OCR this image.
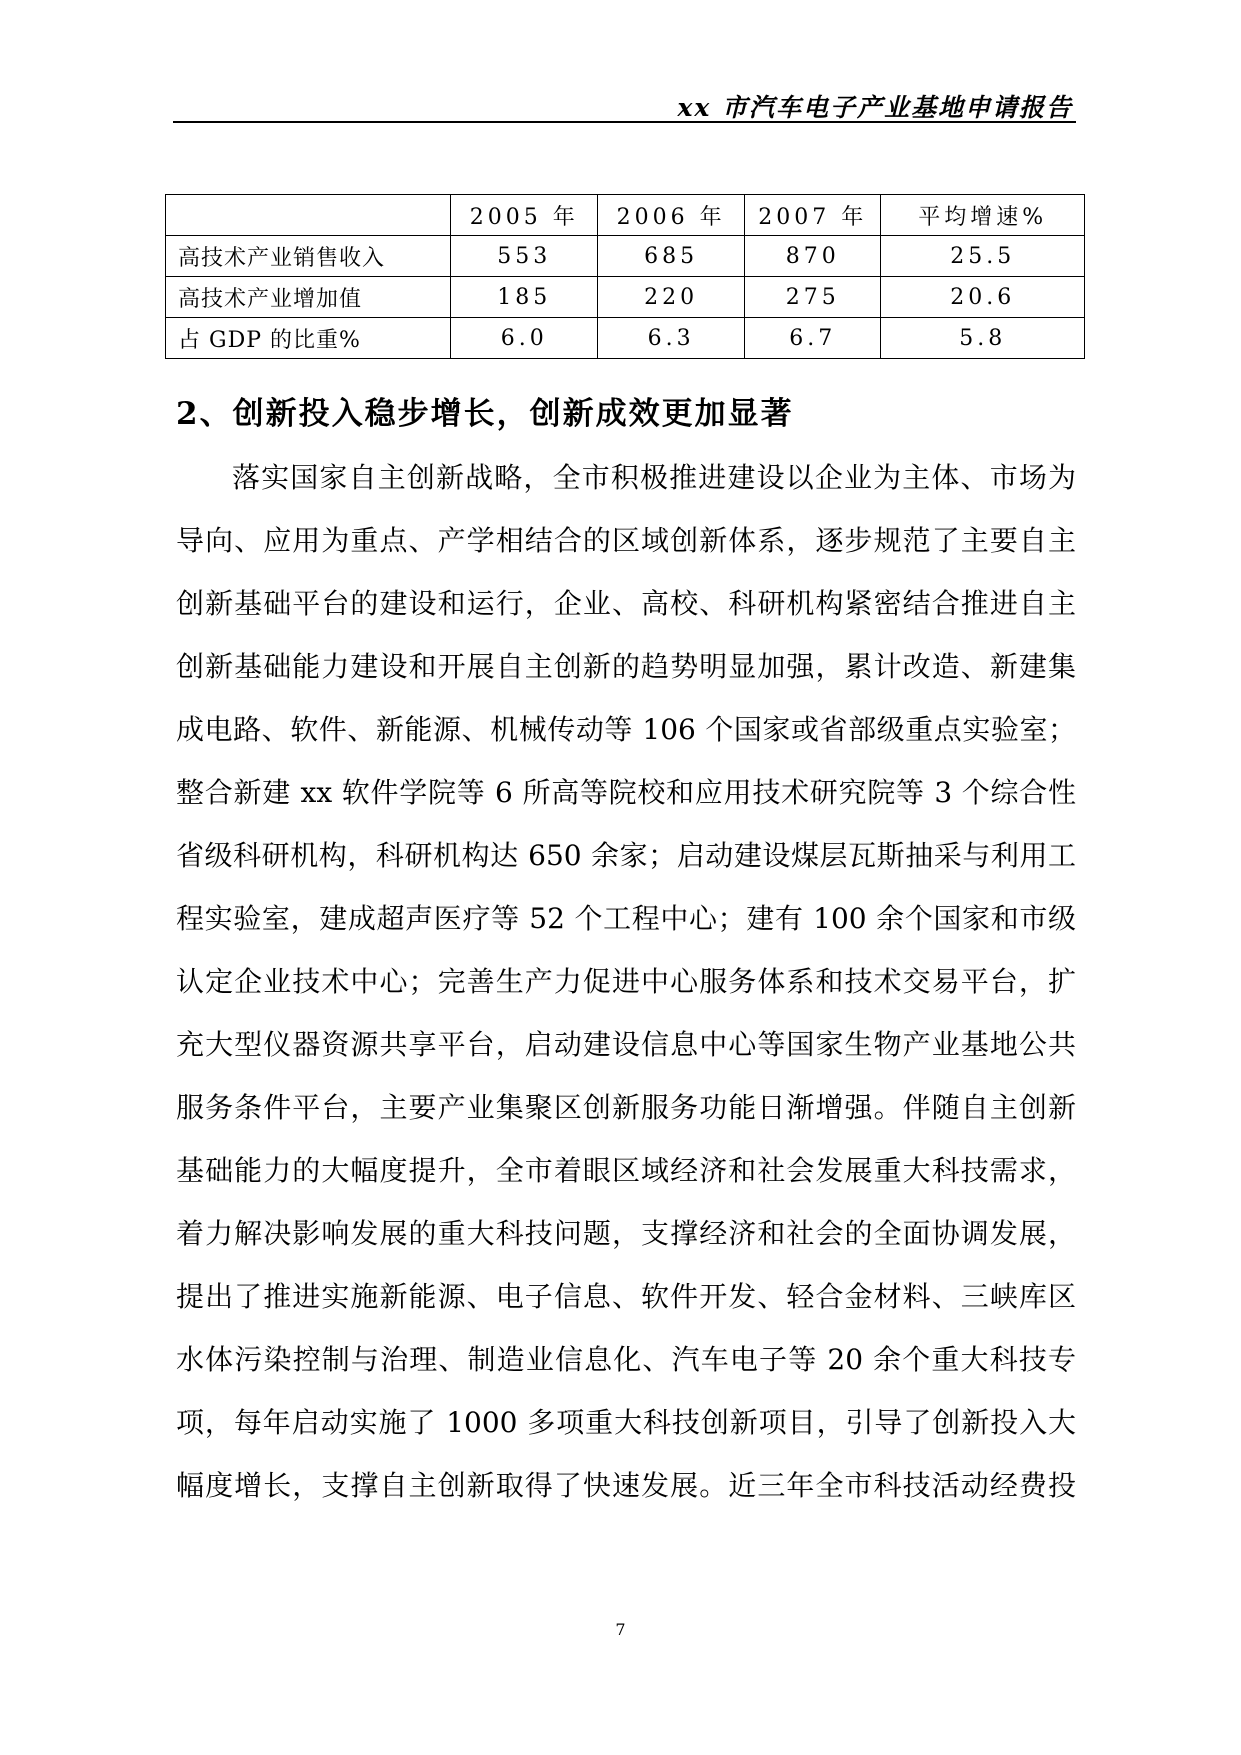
xx 市汽车电子产业基地申请报告
	2005 年	2006 年	2007 年	平均增速%
高技术产业销售收入	553	685	870	25.5
高技术产业增加值	185	220	275	20.6
占 GDP 的比重%	6.0	6.3	6.7	5.8
2、创新投入稳步增长，创新成效更加显著
落实国家自主创新战略，全市积极推进建设以企业为主体、市场为
导向、应用为重点、产学相结合的区域创新体系，逐步规范了主要自主
创新基础平台的建设和运行，企业、高校、科研机构紧密结合推进自主
创新基础能力建设和开展自主创新的趋势明显加强，累计改造、新建集
成电路、软件、新能源、机械传动等 106 个国家或省部级重点实验室；
整合新建 xx 软件学院等 6 所高等院校和应用技术研究院等 3 个综合性
省级科研机构，科研机构达 650 余家；启动建设煤层瓦斯抽采与利用工
程实验室，建成超声医疗等 52 个工程中心；建有 100 余个国家和市级
认定企业技术中心；完善生产力促进中心服务体系和技术交易平台，扩
充大型仪器资源共享平台，启动建设信息中心等国家生物产业基地公共
服务条件平台，主要产业集聚区创新服务功能日渐增强。伴随自主创新
基础能力的大幅度提升，全市着眼区域经济和社会发展重大科技需求，
着力解决影响发展的重大科技问题，支撑经济和社会的全面协调发展，
提出了推进实施新能源、电子信息、软件开发、轻合金材料、三峡库区
水体污染控制与治理、制造业信息化、汽车电子等 20 余个重大科技专
项，每年启动实施了 1000 多项重大科技创新项目，引导了创新投入大
幅度增长，支撑自主创新取得了快速发展。近三年全市科技活动经费投
7
